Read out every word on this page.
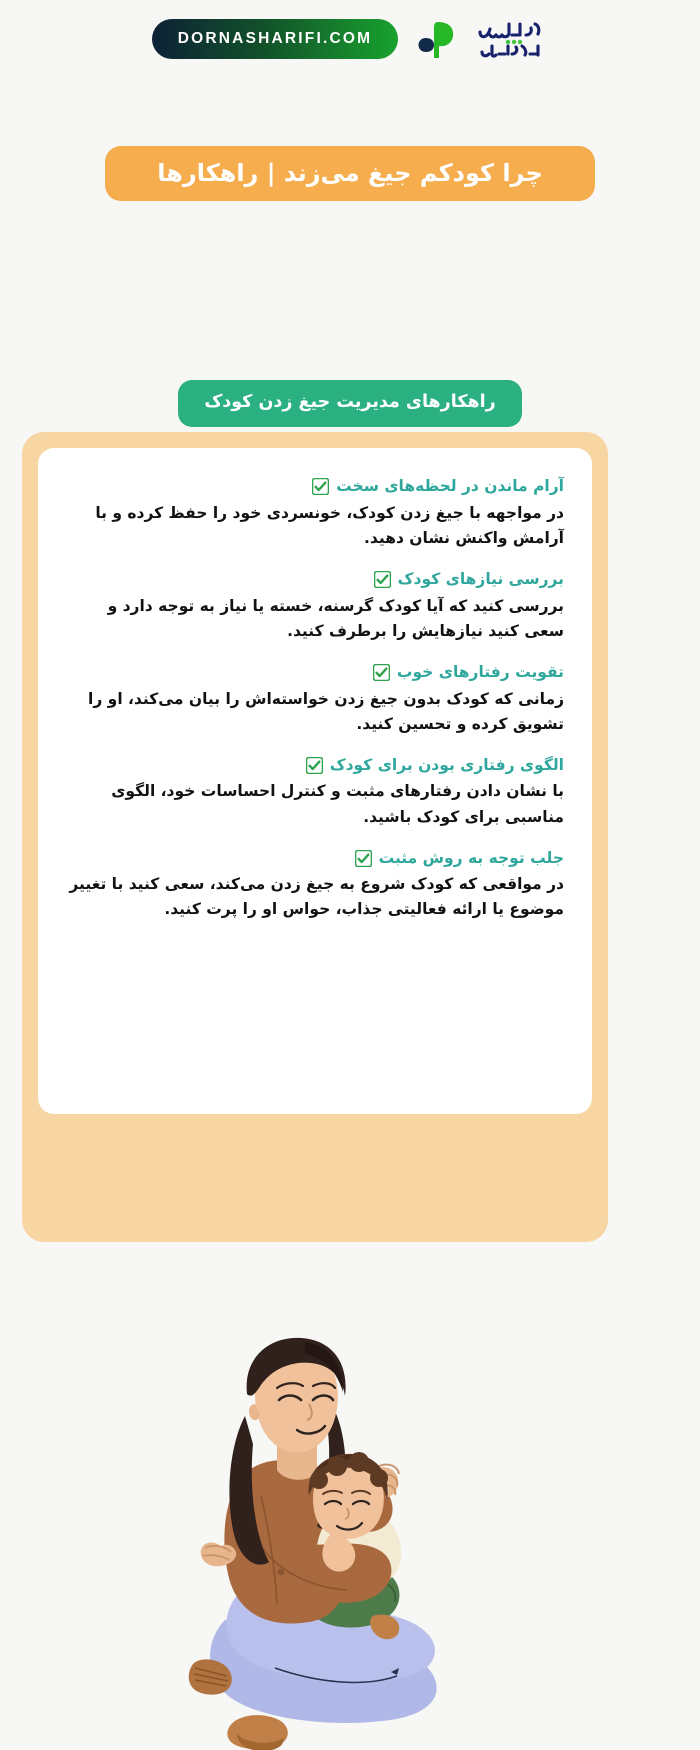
DORNASHARIFI.COM
چرا کودکم جیغ می‌زند | راهکارها
راهکارهای مدیریت جیغ زدن کودک
آرام ماندن در لحظه‌های سخت
در مواجهه با جیغ زدن کودک، خونسردی خود را حفظ کرده و با آرامش واکنش نشان دهید.
بررسی نیازهای کودک
بررسی کنید که آیا کودک گرسنه، خسته یا نیاز به توجه دارد و سعی کنید نیازهایش را برطرف کنید.
تقویت رفتارهای خوب
زمانی که کودک بدون جیغ زدن خواسته‌اش را بیان می‌کند، او را تشویق کرده و تحسین کنید.
الگوی رفتاری بودن برای کودک
با نشان دادن رفتارهای مثبت و کنترل احساسات خود، الگوی مناسبی برای کودک باشید.
جلب توجه به روش مثبت
در مواقعی که کودک شروع به جیغ زدن می‌کند، سعی کنید با تغییر موضوع یا ارائه فعالیتی جذاب، حواس او را پرت کنید.
